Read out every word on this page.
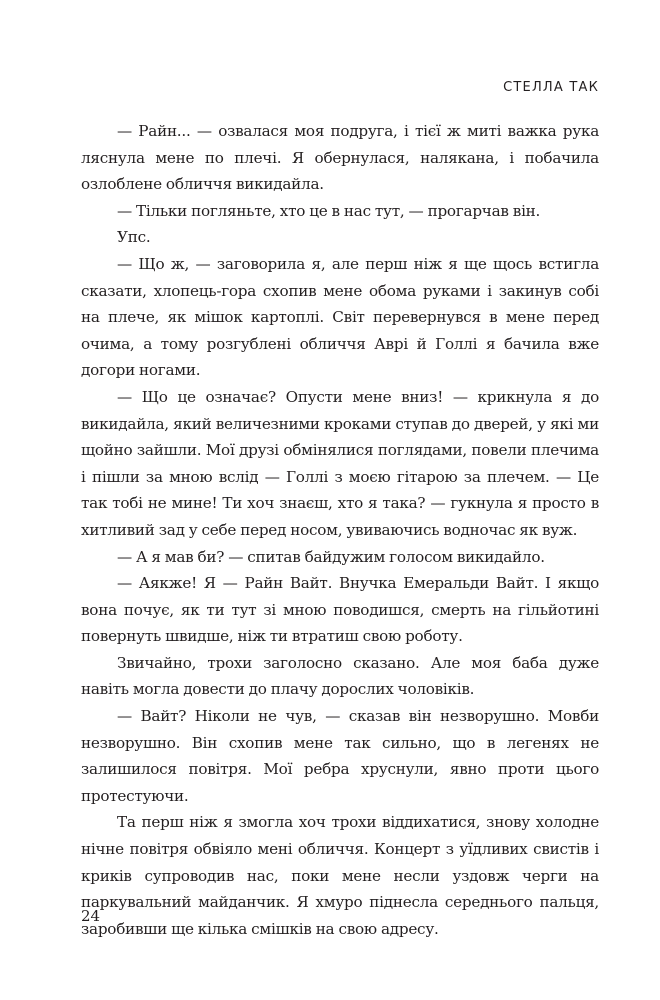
СТЕЛЛА ТАК

— Райн... — озвалася моя подруга, і тієї ж миті важка рука ляснула мене по плечі. Я обернулася, налякана, і побачила озлоблене обличчя викидайла.

— Тільки погляньте, хто це в нас тут, — прогарчав він.

Упс.

— Що ж, — заговорила я, але перш ніж я ще щось встигла сказати, хлопець-гора схопив мене обома руками і закинув собі на плече, як мішок картоплі. Світ перевернувся в мене перед очима, а тому розгублені обличчя Аврі й Голлі я бачила вже догори ногами.

— Що це означає? Опусти мене вниз! — крикнула я до викидайла, який величезними кроками ступав до дверей, у які ми щойно зайшли. Мої друзі обмінялися поглядами, повели плечима і пішли за мною вслід — Голлі з моєю гітарою за плечем. — Це так тобі не мине! Ти хоч знаєш, хто я така? — гукнула я просто в хитливий зад у себе перед носом, увиваючись водночас як вуж.

— А я мав би? — спитав байдужим голосом викидайло.

— Аякже! Я — Райн Вайт. Внучка Емеральди Вайт. І якщо вона почує, як ти тут зі мною поводишся, смерть на гільйотині повернуть швидше, ніж ти втратиш свою роботу.

Звичайно, трохи заголосно сказано. Але моя баба дуже навіть могла довести до плачу дорослих чоловіків.

— Вайт? Ніколи не чув, — сказав він незворушно. Мовби незворушно. Він схопив мене так сильно, що в легенях не залишилося повітря. Мої ребра хруснули, явно проти цього протестуючи.

Та перш ніж я змогла хоч трохи віддихатися, знову холодне нічне повітря обвіяло мені обличчя. Концерт з уїдливих свистів і криків супроводив нас, поки мене несли уздовж черги на паркувальний майданчик. Я хмуро піднесла середнього пальця, заробивши ще кілька смішків на свою адресу.

24
